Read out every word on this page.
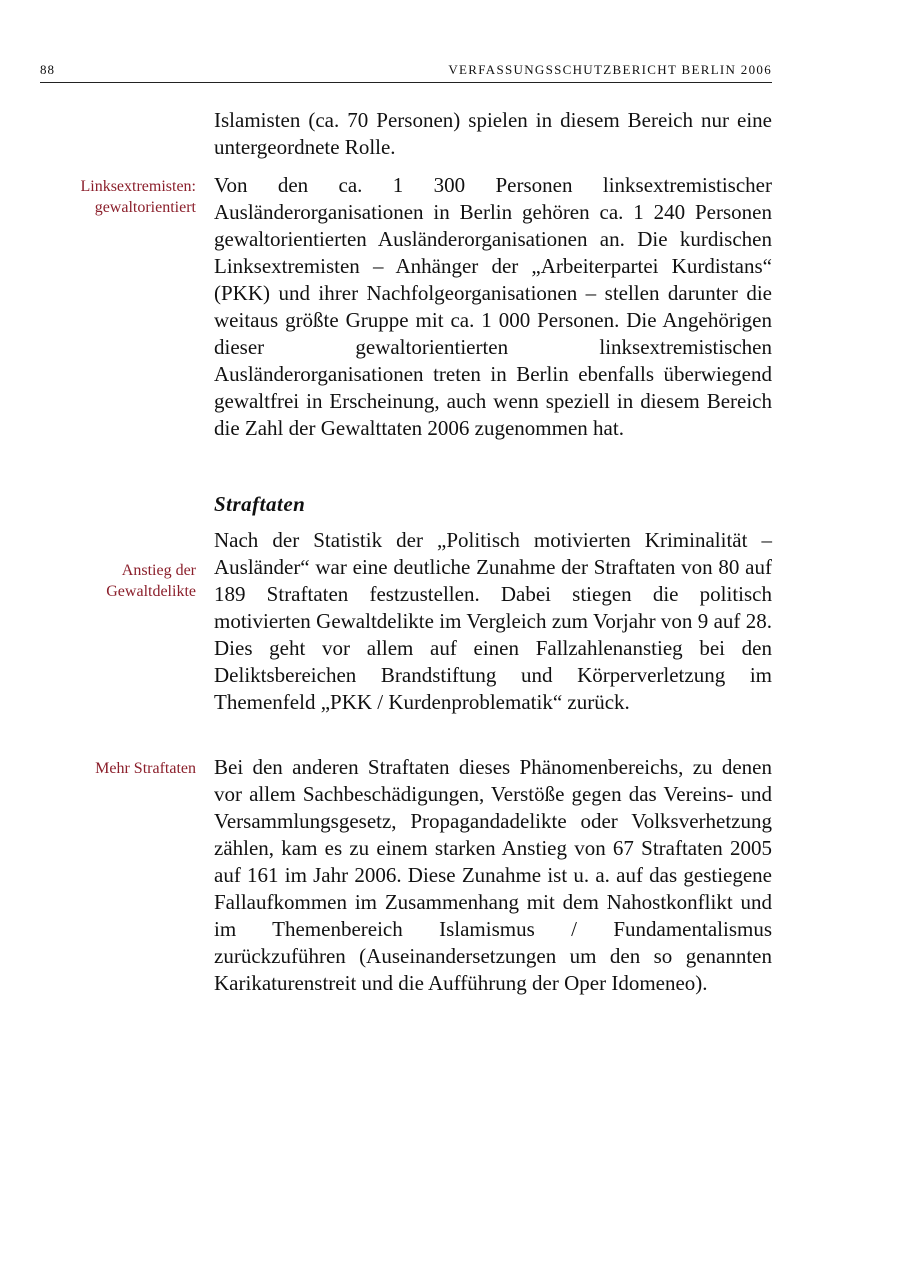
88	VERFASSUNGSSCHUTZBERICHT BERLIN 2006
Linksextremisten:
gewaltorientiert
Anstieg der
Gewaltdelikte
Mehr Straftaten

Islamisten (ca. 70 Personen) spielen in diesem Bereich nur eine untergeordnete Rolle.

Von den ca. 1 300 Personen linksextremistischer Ausländerorganisationen in Berlin gehören ca. 1 240 Personen gewaltorientierten Ausländerorganisationen an. Die kurdischen Linksextremisten – Anhänger der „Arbeiterpartei Kurdistans“ (PKK) und ihrer Nachfolgeorganisationen – stellen darunter die weitaus größte Gruppe mit ca. 1 000 Personen. Die Angehörigen dieser gewaltorientierten linksextremistischen Ausländerorganisationen treten in Berlin ebenfalls überwiegend gewaltfrei in Erscheinung, auch wenn speziell in diesem Bereich die Zahl der Gewalttaten 2006 zugenommen hat.

Straftaten

Nach der Statistik der „Politisch motivierten Kriminalität – Ausländer“ war eine deutliche Zunahme der Straftaten von 80 auf 189 Straftaten festzustellen. Dabei stiegen die politisch motivierten Gewaltdelikte im Vergleich zum Vorjahr von 9 auf 28. Dies geht vor allem auf einen Fallzahlenanstieg bei den Deliktsbereichen Brandstiftung und Körperverletzung im Themenfeld „PKK / Kurdenproblematik“ zurück.

Bei den anderen Straftaten dieses Phänomenbereichs, zu denen vor allem Sachbeschädigungen, Verstöße gegen das Vereins- und Versammlungsgesetz, Propagandadelikte oder Volksverhetzung zählen, kam es zu einem starken Anstieg von 67 Straftaten 2005 auf 161 im Jahr 2006. Diese Zunahme ist u. a. auf das gestiegene Fallaufkommen im Zusammenhang mit dem Nahostkonflikt und im Themenbereich Islamismus / Fundamentalismus zurückzuführen (Auseinandersetzungen um den so genannten Karikaturenstreit und die Aufführung der Oper Idomeneo).
